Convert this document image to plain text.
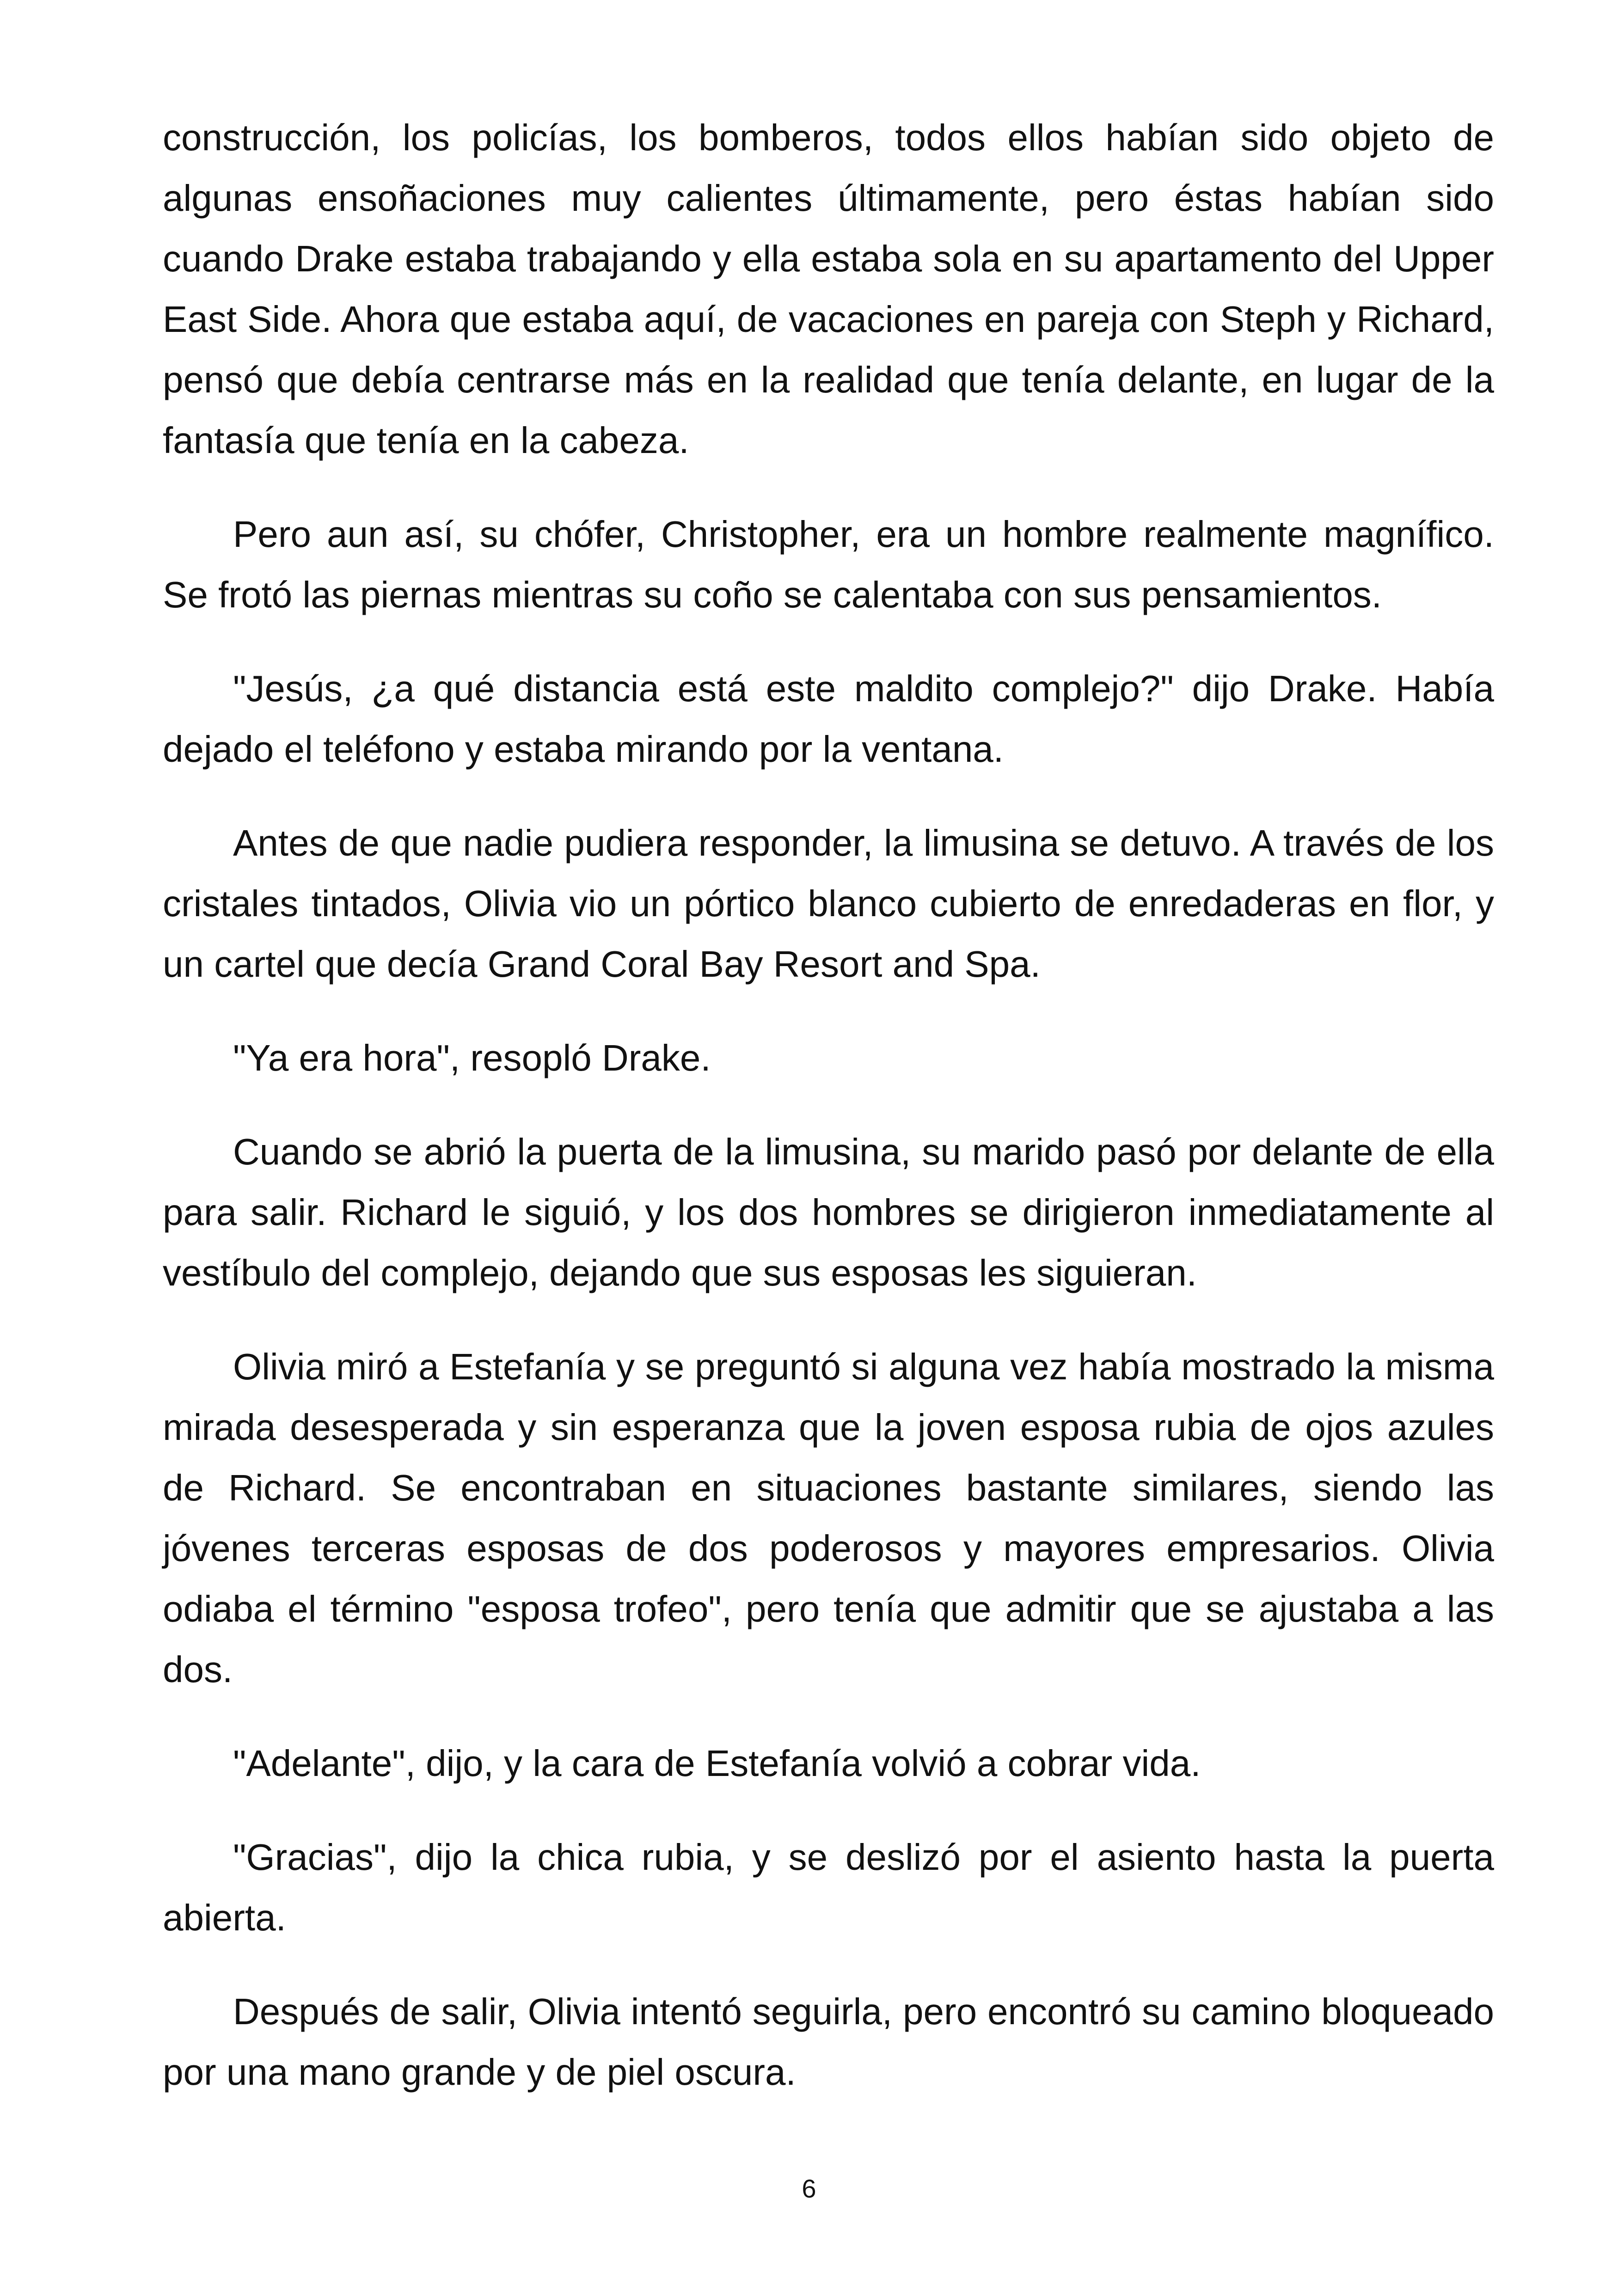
construcción, los policías, los bomberos, todos ellos habían sido objeto de algunas ensoñaciones muy calientes últimamente, pero éstas habían sido cuando Drake estaba trabajando y ella estaba sola en su apartamento del Upper East Side. Ahora que estaba aquí, de vacaciones en pareja con Steph y Richard, pensó que debía centrarse más en la realidad que tenía delante, en lugar de la fantasía que tenía en la cabeza.

Pero aun así, su chófer, Christopher, era un hombre realmente magnífico. Se frotó las piernas mientras su coño se calentaba con sus pensamientos.

"Jesús, ¿a qué distancia está este maldito complejo?" dijo Drake. Había dejado el teléfono y estaba mirando por la ventana.

Antes de que nadie pudiera responder, la limusina se detuvo. A través de los cristales tintados, Olivia vio un pórtico blanco cubierto de enredaderas en flor, y un cartel que decía Grand Coral Bay Resort and Spa.

"Ya era hora", resopló Drake.

Cuando se abrió la puerta de la limusina, su marido pasó por delante de ella para salir. Richard le siguió, y los dos hombres se dirigieron inmediatamente al vestíbulo del complejo, dejando que sus esposas les siguieran.

Olivia miró a Estefanía y se preguntó si alguna vez había mostrado la misma mirada desesperada y sin esperanza que la joven esposa rubia de ojos azules de Richard. Se encontraban en situaciones bastante similares, siendo las jóvenes terceras esposas de dos poderosos y mayores empresarios. Olivia odiaba el término "esposa trofeo", pero tenía que admitir que se ajustaba a las dos.

"Adelante", dijo, y la cara de Estefanía volvió a cobrar vida.

"Gracias", dijo la chica rubia, y se deslizó por el asiento hasta la puerta abierta.

Después de salir, Olivia intentó seguirla, pero encontró su camino bloqueado por una mano grande y de piel oscura.

6
